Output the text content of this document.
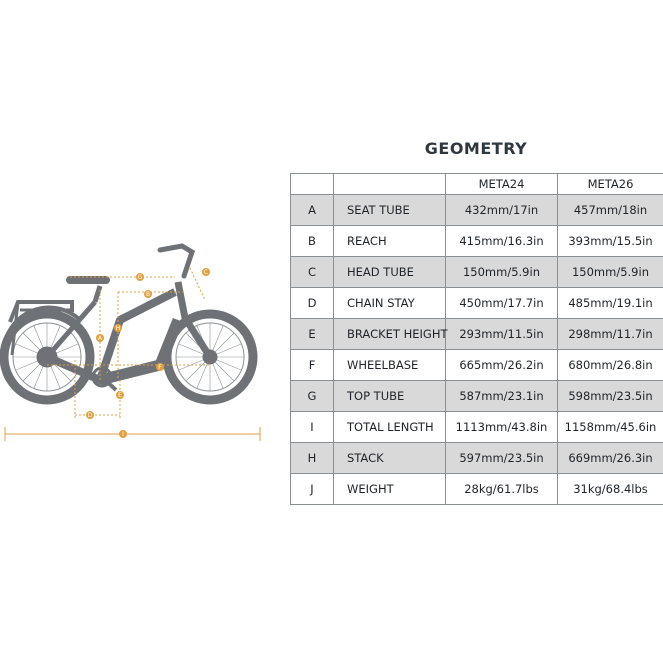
G
B
C
H
A
F
E
D
I
GEOMETRY
		META24	META26
A	SEAT TUBE	432mm/17in	457mm/18in
B	REACH	415mm/16.3in	393mm/15.5in
C	HEAD TUBE	150mm/5.9in	150mm/5.9in
D	CHAIN STAY	450mm/17.7in	485mm/19.1in
E	BRACKET HEIGHT	293mm/11.5in	298mm/11.7in
F	WHEELBASE	665mm/26.2in	680mm/26.8in
G	TOP TUBE	587mm/23.1in	598mm/23.5in
I	TOTAL LENGTH	1113mm/43.8in	1158mm/45.6in
H	STACK	597mm/23.5in	669mm/26.3in
J	WEIGHT	28kg/61.7lbs	31kg/68.4lbs
